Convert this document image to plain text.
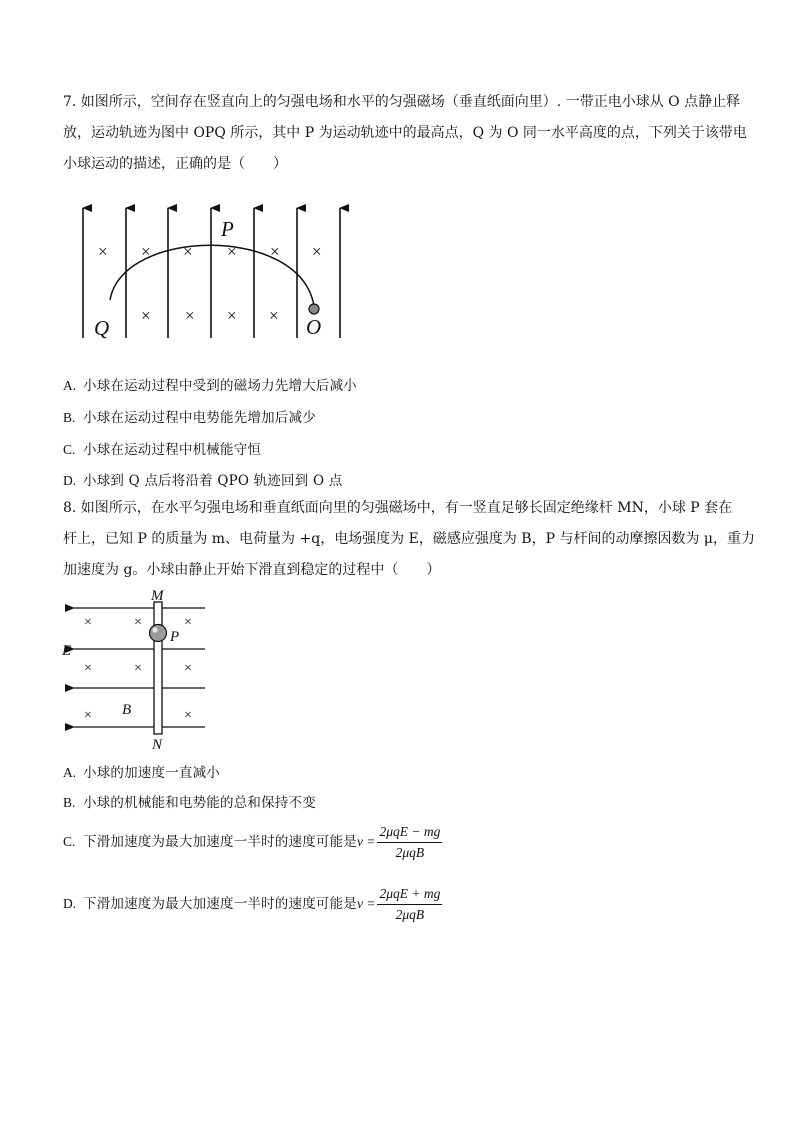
7. 如图所示，空间存在竖直向上的匀强电场和水平的匀强磁场（垂直纸面向里）. 一带正电小球从 O 点静止释
放，运动轨迹为图中 OPQ 所示，其中 P 为运动轨迹中的最高点，Q 为 O 同一水平高度的点，下列关于该带电
小球运动的描述，正确的是（　　）
× × × × × ×
× × × ×
P
Q	O
A. 小球在运动过程中受到的磁场力先增大后减小
B. 小球在运动过程中电势能先增加后减少
C. 小球在运动过程中机械能守恒
D. 小球到 Q 点后将沿着 QPO 轨迹回到 O 点
8. 如图所示，在水平匀强电场和垂直纸面向里的匀强磁场中，有一竖直足够长固定绝缘杆 MN，小球 P 套在
杆上，已知 P 的质量为 m、电荷量为 +q，电场强度为 E，磁感应强度为 B，P 与杆间的动摩擦因数为 μ，重力
加速度为 g。小球由静止开始下滑直到稳定的过程中（　　）
×	×	×
×	×	×
×	×
M
N
P
E
B
A. 小球的加速度一直减小
B. 小球的机械能和电势能的总和保持不变
C. 下滑加速度为最大加速度一半时的速度可能是$v = \frac{\text{2μqE − mg}}{\text{2μqB}}$
D. 下滑加速度为最大加速度一半时的速度可能是$v = \frac{\text{2μqE + mg}}{\text{2μqB}}$
